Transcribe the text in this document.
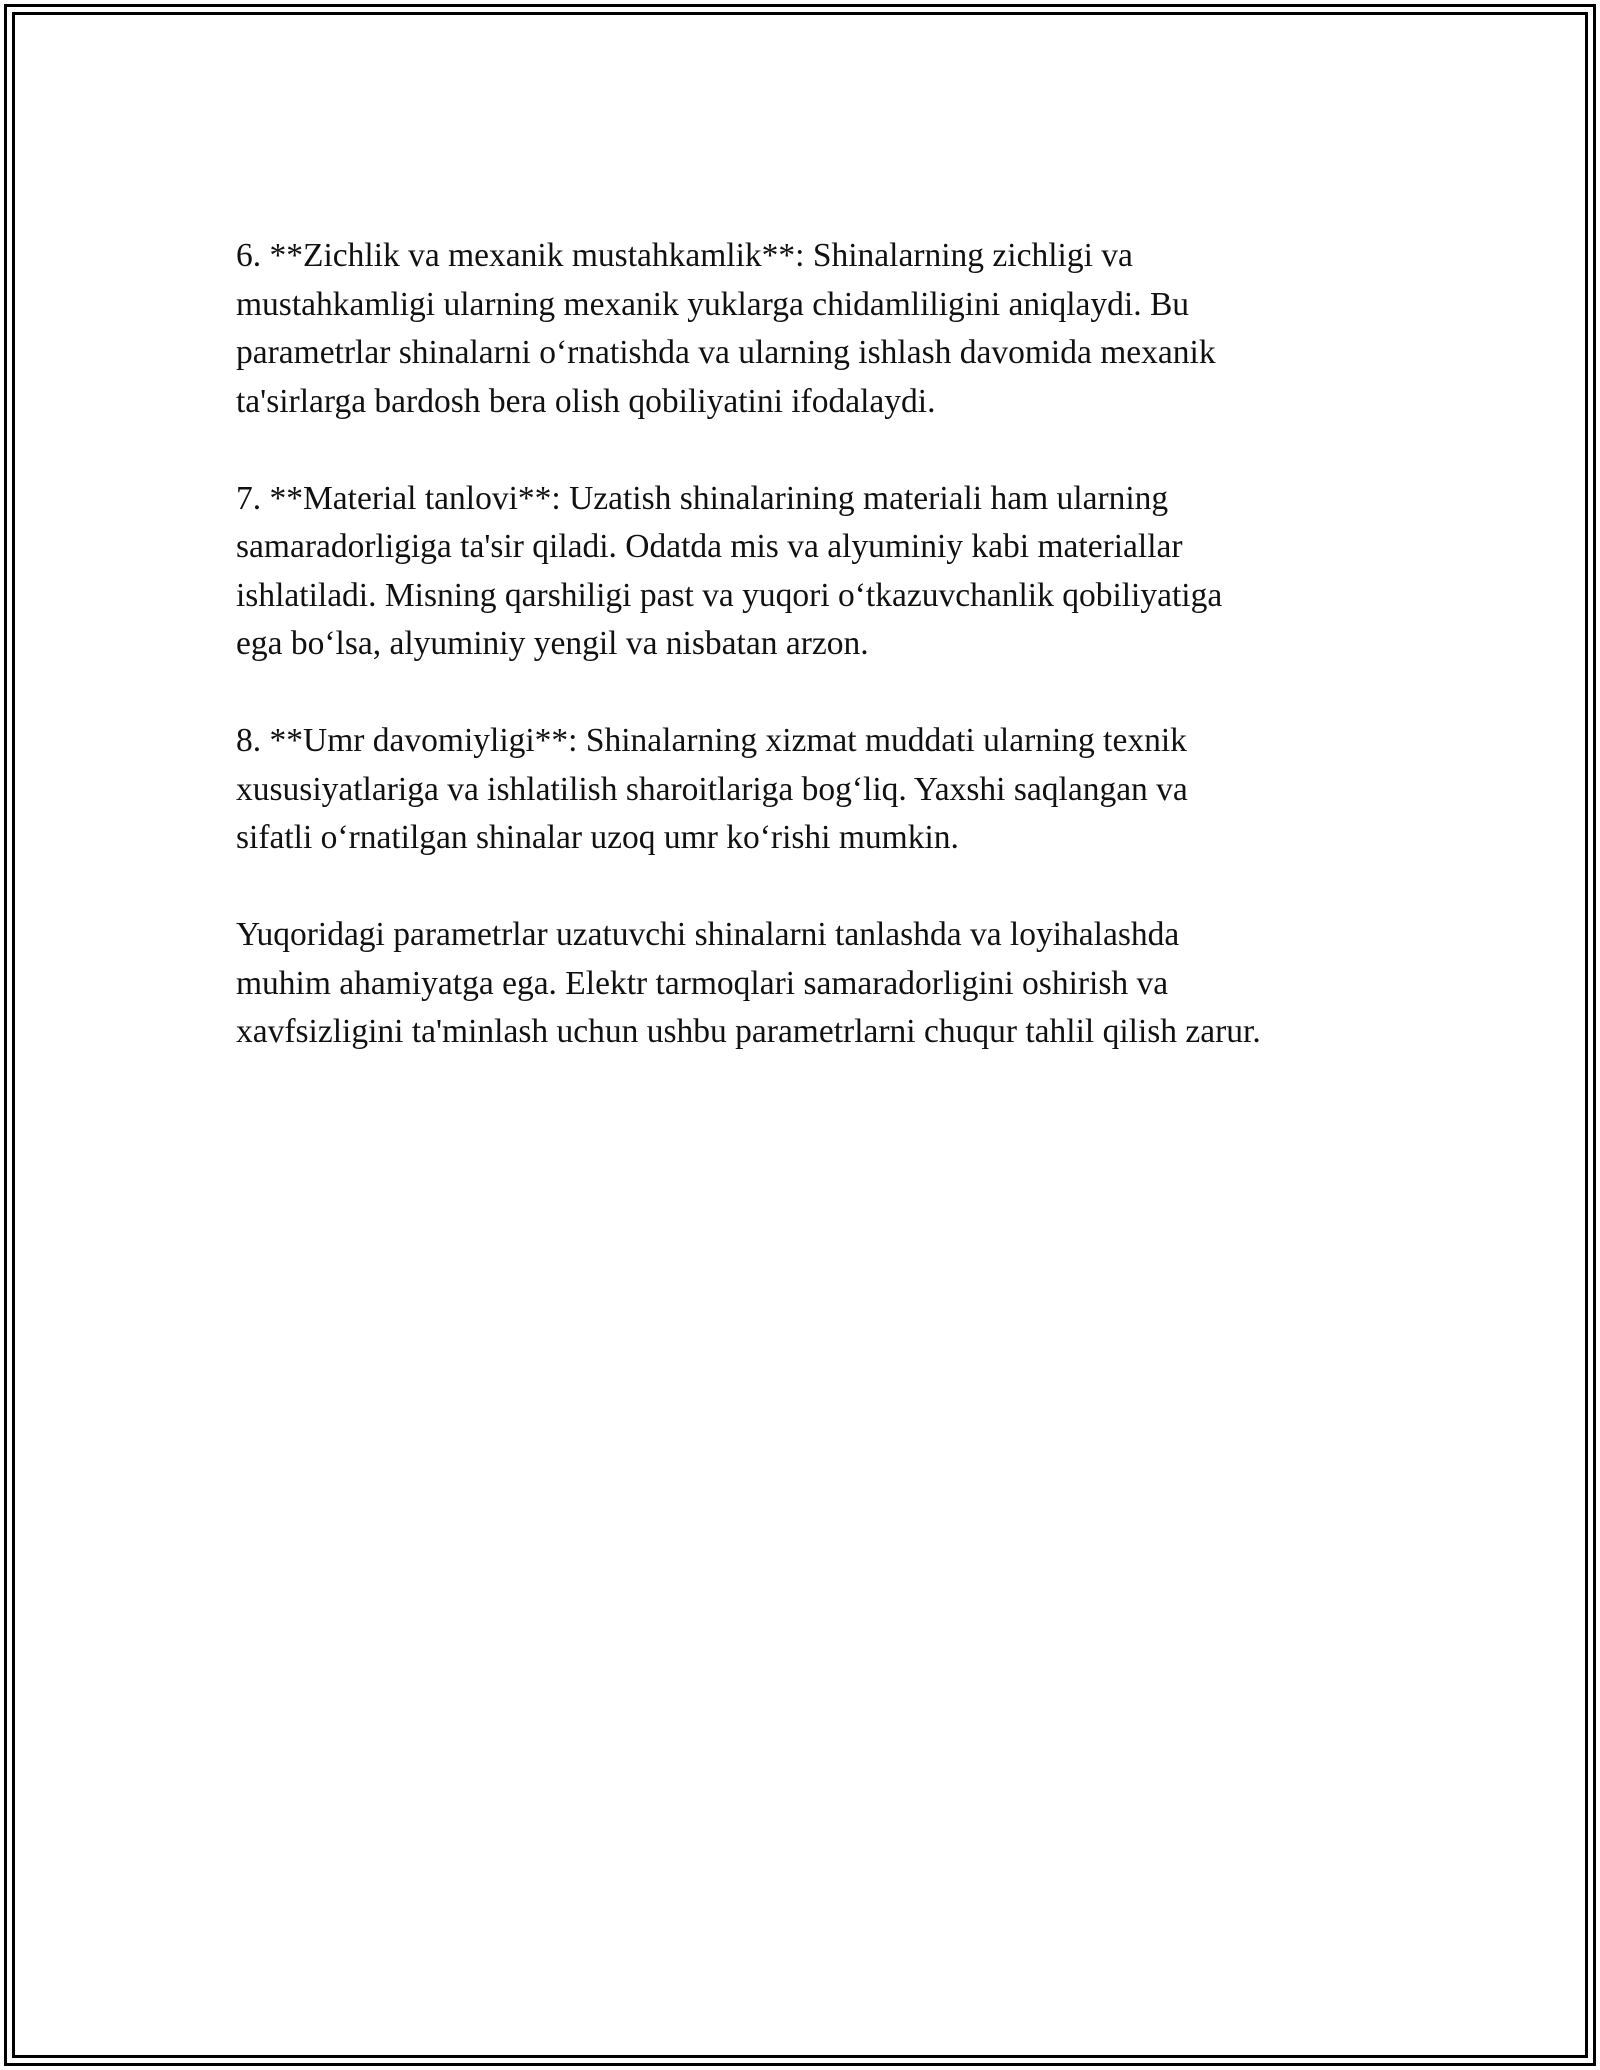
6. **Zichlik va mexanik mustahkamlik**: Shinalarning zichligi va
mustahkamligi ularning mexanik yuklarga chidamliligini aniqlaydi. Bu
parametrlar shinalarni o‘rnatishda va ularning ishlash davomida mexanik
ta'sirlarga bardosh bera olish qobiliyatini ifodalaydi.

7. **Material tanlovi**: Uzatish shinalarining materiali ham ularning
samaradorligiga ta'sir qiladi. Odatda mis va alyuminiy kabi materiallar
ishlatiladi. Misning qarshiligi past va yuqori o‘tkazuvchanlik qobiliyatiga
ega bo‘lsa, alyuminiy yengil va nisbatan arzon.

8. **Umr davomiyligi**: Shinalarning xizmat muddati ularning texnik
xususiyatlariga va ishlatilish sharoitlariga bog‘liq. Yaxshi saqlangan va
sifatli o‘rnatilgan shinalar uzoq umr ko‘rishi mumkin.

Yuqoridagi parametrlar uzatuvchi shinalarni tanlashda va loyihalashda
muhim ahamiyatga ega. Elektr tarmoqlari samaradorligini oshirish va
xavfsizligini ta'minlash uchun ushbu parametrlarni chuqur tahlil qilish zarur.
